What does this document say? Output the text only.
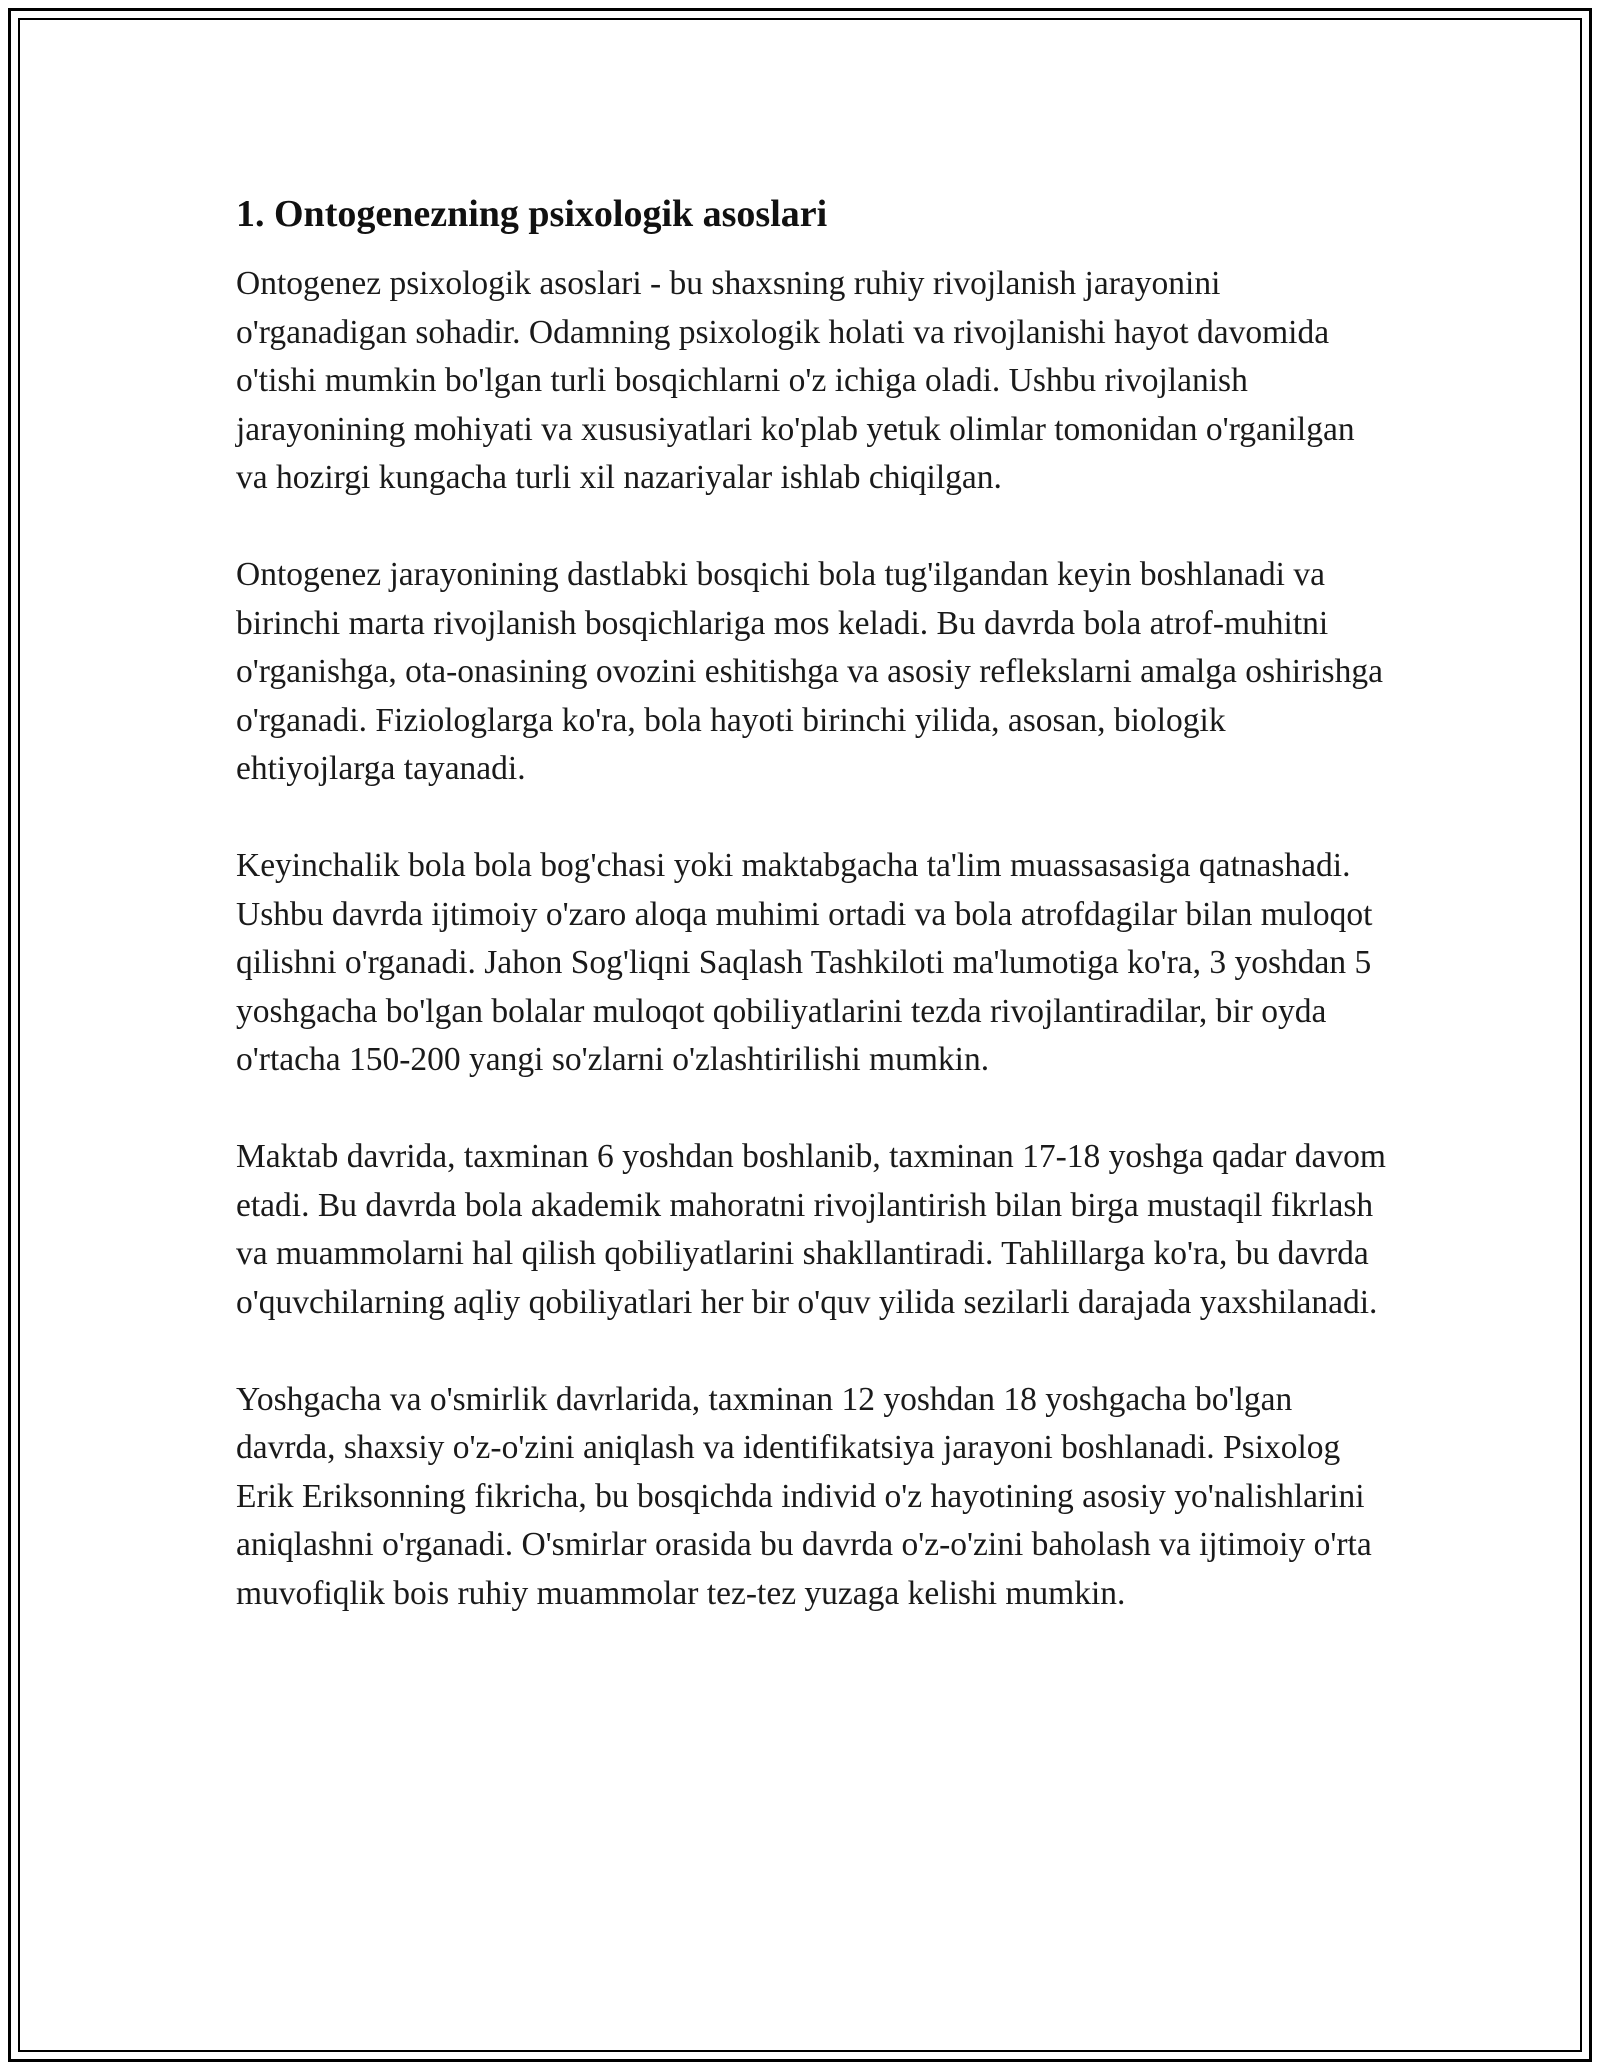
1. Ontogenezning psixologik asoslari

Ontogenez psixologik asoslari - bu shaxsning ruhiy rivojlanish jarayonini o'rganadigan sohadir. Odamning psixologik holati va rivojlanishi hayot davomida o'tishi mumkin bo'lgan turli bosqichlarni o'z ichiga oladi. Ushbu rivojlanish jarayonining mohiyati va xususiyatlari ko'plab yetuk olimlar tomonidan o'rganilgan va hozirgi kungacha turli xil nazariyalar ishlab chiqilgan.

Ontogenez jarayonining dastlabki bosqichi bola tug'ilgandan keyin boshlanadi va birinchi marta rivojlanish bosqichlariga mos keladi. Bu davrda bola atrof-muhitni o'rganishga, ota-onasining ovozini eshitishga va asosiy reflekslarni amalga oshirishga o'rganadi. Fiziologlarga ko'ra, bola hayoti birinchi yilida, asosan, biologik ehtiyojlarga tayanadi.

Keyinchalik bola bola bog'chasi yoki maktabgacha ta'lim muassasasiga qatnashadi. Ushbu davrda ijtimoiy o'zaro aloqa muhimi ortadi va bola atrofdagilar bilan muloqot qilishni o'rganadi. Jahon Sog'liqni Saqlash Tashkiloti ma'lumotiga ko'ra, 3 yoshdan 5 yoshgacha bo'lgan bolalar muloqot qobiliyatlarini tezda rivojlantiradilar, bir oyda o'rtacha 150-200 yangi so'zlarni o'zlashtirilishi mumkin.

Maktab davrida, taxminan 6 yoshdan boshlanib, taxminan 17-18 yoshga qadar davom etadi. Bu davrda bola akademik mahoratni rivojlantirish bilan birga mustaqil fikrlash va muammolarni hal qilish qobiliyatlarini shakllantiradi. Tahlillarga ko'ra, bu davrda o'quvchilarning aqliy qobiliyatlari her bir o'quv yilida sezilarli darajada yaxshilanadi.

Yoshgacha va o'smirlik davrlarida, taxminan 12 yoshdan 18 yoshgacha bo'lgan davrda, shaxsiy o'z-o'zini aniqlash va identifikatsiya jarayoni boshlanadi. Psixolog Erik Eriksonning fikricha, bu bosqichda individ o'z hayotining asosiy yo'nalishlarini aniqlashni o'rganadi. O'smirlar orasida bu davrda o'z-o'zini baholash va ijtimoiy o'rta muvofiqlik bois ruhiy muammolar tez-tez yuzaga kelishi mumkin.
